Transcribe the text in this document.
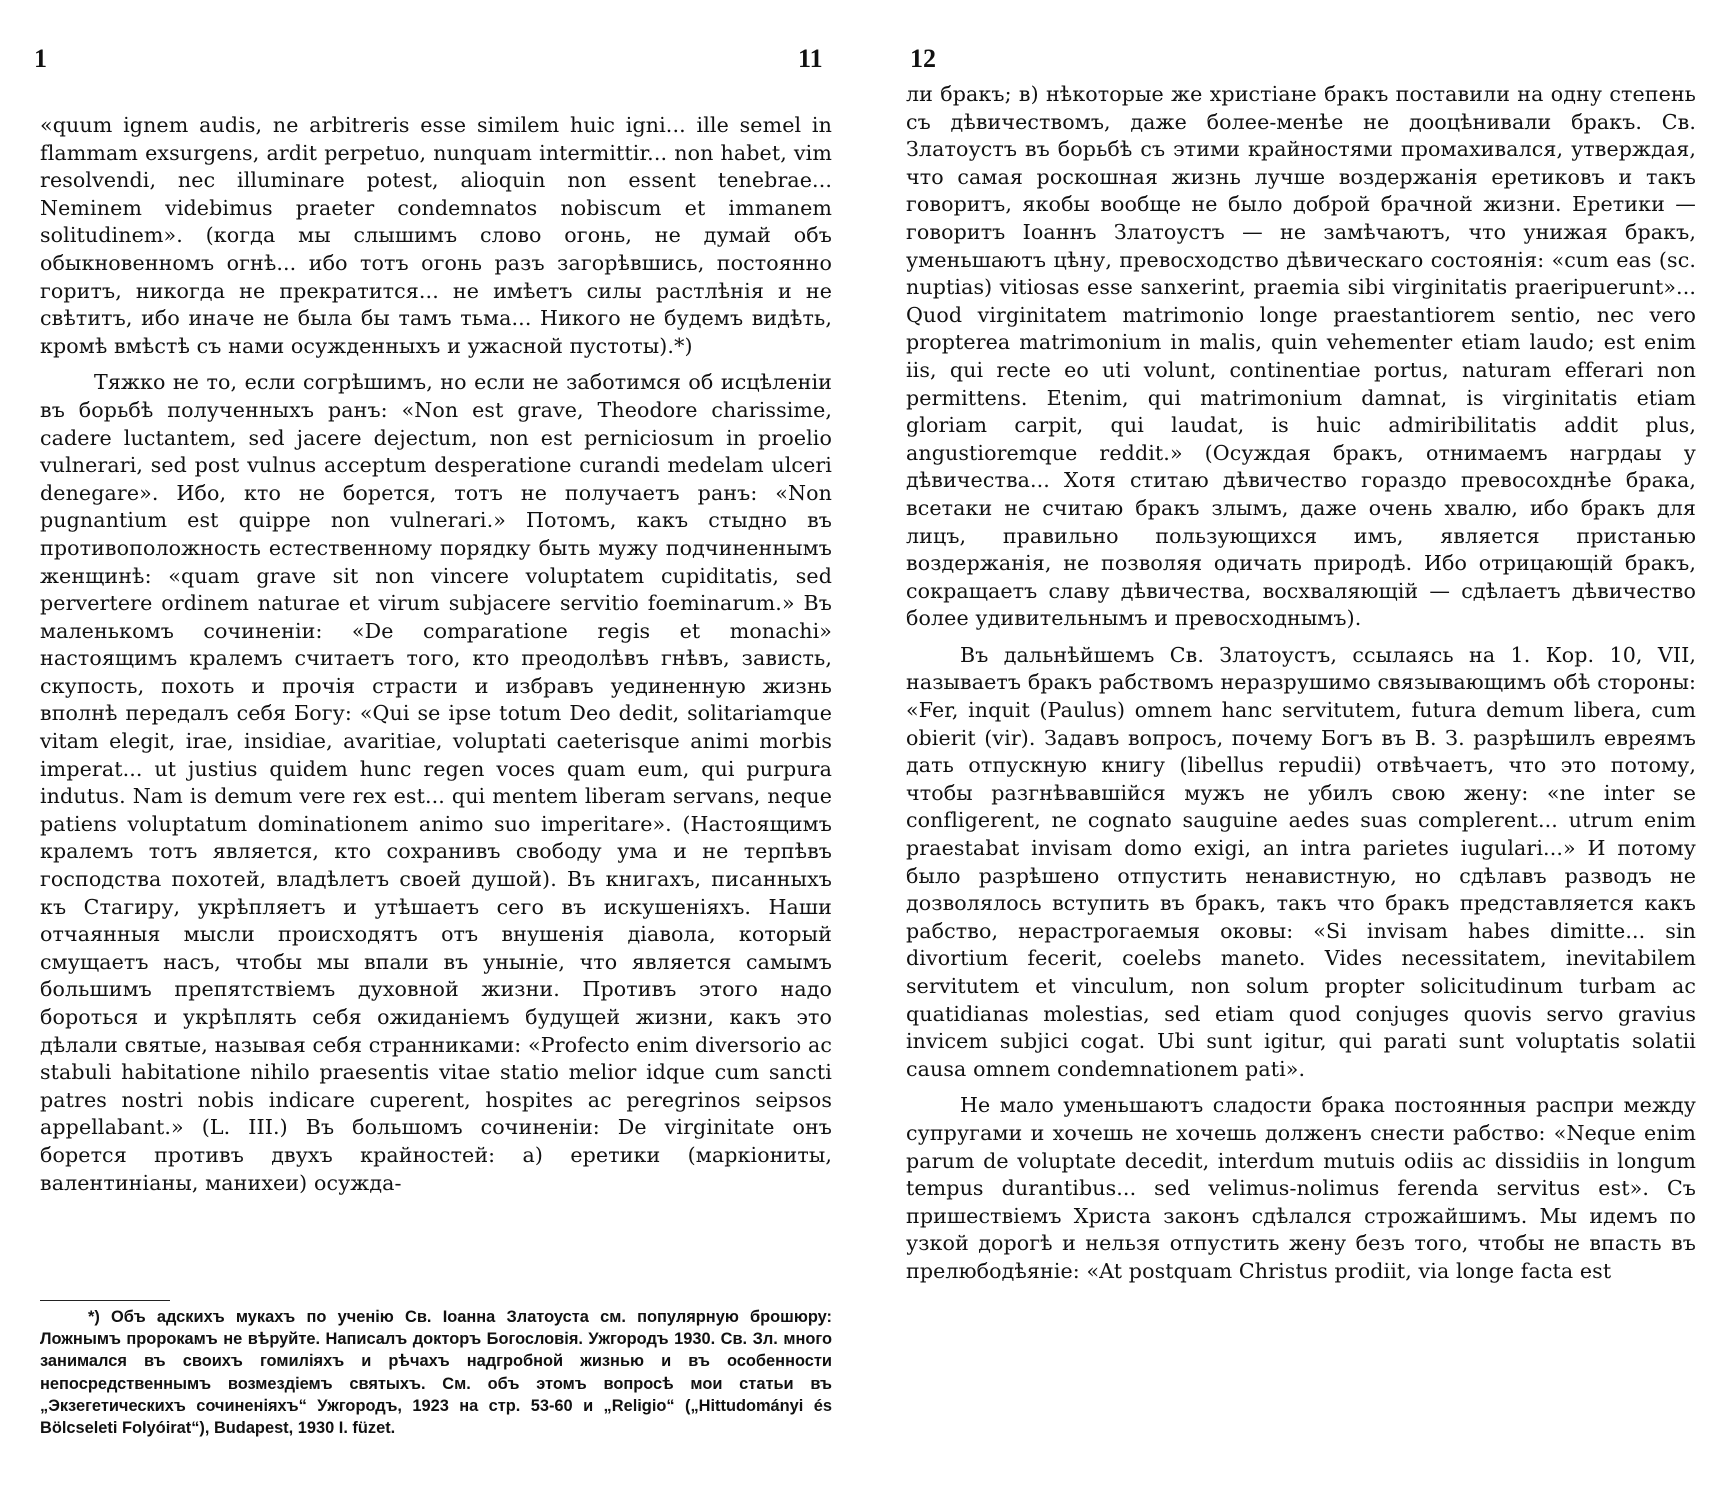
1	11

«quum ignem audis, ne arbitreris esse similem huic igni... ille semel in flammam exsurgens, ardit perpetuo, nunquam intermittir... non habet, vim resolvendi, nec illuminare potest, alioquin non essent tenebrae... Neminem videbimus praeter condemnatos nobiscum et immanem solitudinem». (когда мы слышимъ слово огонь, не думай объ обыкновенномъ огнѣ... ибо тотъ огонь разъ загорѣвшись, постоянно горитъ, никогда не прекратится... не имѣетъ силы растлѣнія и не свѣтитъ, ибо иначе не была бы тамъ тьма... Никого не будемъ видѣть, кромѣ вмѣстѣ съ нами осужденныхъ и ужасной пустоты).*)

Тяжко не то, если согрѣшимъ, но если не заботимся об исцѣленіи въ борьбѣ полученныхъ ранъ: «Non est grave, Theodore charissime, cadere luctantem, sed jacere dejectum, non est perniciosum in proelio vulnerari, sed post vulnus acceptum desperatione curandi medelam ulceri denegare». Ибо, кто не борется, тотъ не получаетъ ранъ: «Non pugnantium est quippe non vulnerari.» Потомъ, какъ стыдно въ противоположность естественному порядку быть мужу подчиненнымъ женщинѣ: «quam grave sit non vincere voluptatem cupiditatis, sed pervertere ordinem naturae et virum subjacere servitio foeminarum.» Въ маленькомъ сочиненіи: «De comparatione regis et monachi» настоящимъ кралемъ считаетъ того, кто преодолѣвъ гнѣвъ, зависть, скупость, похоть и прочія страсти и избравъ уединенную жизнь вполнѣ передалъ себя Богу: «Qui se ipse totum Deo dedit, solitariamque vitam elegit, irae, insidiae, avaritiae, voluptati caeterisque animi morbis imperat... ut justius quidem hunc regen voces quam eum, qui purpura indutus. Nam is demum vere rex est... qui mentem liberam servans, neque patiens voluptatum dominationem animo suo imperitare». (Настоящимъ кралемъ тотъ является, кто сохранивъ свободу ума и не терпѣвъ господства похотей, владѣлетъ своей душой). Въ книгахъ, писанныхъ къ Стагиру, укрѣпляетъ и утѣшаетъ сего въ искушеніяхъ. Наши отчаянныя мысли происходятъ отъ внушенія діавола, который смущаетъ насъ, чтобы мы впали въ уныніе, что является самымъ большимъ препятствіемъ духовной жизни. Противъ этого надо бороться и укрѣплять себя ожиданіемъ будущей жизни, какъ это дѣлали святые, называя себя странниками: «Profecto enim diversorio ac stabuli habitatione nihilo praesentis vitae statio melior idque cum sancti patres nostri nobis indicare cuperent, hospites ac peregrinos seipsos appellabant.» (L. III.) Въ большомъ сочиненіи: De virginitate онъ борется противъ двухъ крайностей: а) еретики (маркіониты, валентиніаны, манихеи) осужда-

*) Объ адскихъ мукахъ по ученію Св. Іоанна Златоуста см. популярную брошюру: Ложнымъ пророкамъ не вѣруйте. Написалъ докторъ Богословія. Ужгородъ 1930. Св. Зл. много занимался въ своихъ гомиліяхъ и рѣчахъ надгробной жизнью и въ особенности непосредственнымъ возмездіемъ святыхъ. См. объ этомъ вопросѣ мои статьи въ „Экзегетическихъ сочиненіяхъ“ Ужгородъ, 1923 на стр. 53-60 и „Religio“ („Hittudományi és Bölcseleti Folyóirat“), Budapest, 1930 I. füzet.
12

ли бракъ; в) нѣкоторые же христіане бракъ поставили на одну степень съ дѣвичествомъ, даже более-менѣе не дооцѣнивали бракъ. Св. Златоустъ въ борьбѣ съ этими крайностями промахивался, утверждая, что самая роскошная жизнь лучше воздержанія еретиковъ и такъ говоритъ, якобы вообще не было доброй брачной жизни. Еретики — говоритъ Іоаннъ Златоустъ — не замѣчаютъ, что унижая бракъ, уменьшаютъ цѣну, превосходство дѣвическаго состоянія: «cum eas (sc. nuptias) vitiosas esse sanxerint, praemia sibi virginitatis praeripuerunt»... Quod virginitatem matrimonio longe praestantiorem sentio, nec vero propterea matrimonium in malis, quin vehementer etiam laudo; est enim iis, qui recte eo uti volunt, continentiae portus, naturam efferari non permittens. Etenim, qui matrimonium damnat, is virginitatis etiam gloriam carpit, qui laudat, is huic admiribilitatis addit plus, angustioremque reddit.» (Осуждая бракъ, отнимаемъ нагрдаы у дѣвичества... Хотя ститаю дѣвичество гораздо превосохднѣе брака, всетаки не считаю бракъ злымъ, даже очень хвалю, ибо бракъ для лицъ, правильно пользующихся имъ, является пристанью воздержанія, не позволяя одичать природѣ. Ибо отрицающій бракъ, сокращаетъ славу дѣвичества, восхваляющій — сдѣлаетъ дѣвичество более удивительнымъ и превосходнымъ).

Въ дальнѣйшемъ Св. Златоустъ, ссылаясь на 1. Кор. 10, VII, называетъ бракъ рабствомъ неразрушимо связывающимъ обѣ стороны: «Fer, inquit (Paulus) omnem hanc servitutem, futura demum libera, cum obierit (vir). Задавъ вопросъ, почему Богъ въ В. З. разрѣшилъ евреямъ дать отпускную книгу (libellus repudii) отвѣчаетъ, что это потому, чтобы разгнѣвавшійся мужъ не убилъ свою жену: «ne inter se confligerent, ne cognato sauguine aedes suas complerent... utrum enim praestabat invisam domo exigi, an intra parietes iugulari...» И потому было разрѣшено отпустить ненавистную, но сдѣлавъ разводъ не дозволялось вступить въ бракъ, такъ что бракъ представляется какъ рабство, нерастрогаемыя оковы: «Si invisam habes dimitte... sin divortium fecerit, coelebs maneto. Vides necessitatem, inevitabilem servitutem et vinculum, non solum propter solicitudinum turbam ac quatidianas molestias, sed etiam quod conjuges quovis servo gravius invicem subjici cogat. Ubi sunt igitur, qui parati sunt voluptatis solatii causa omnem condemnationem pati».

Не мало уменьшаютъ сладости брака постоянныя распри между супругами и хочешь не хочешь долженъ снести рабство: «Neque enim parum de voluptate decedit, interdum mutuis odiis ac dissidiis in longum tempus durantibus... sed velimus-nolimus ferenda servitus est». Съ пришествіемъ Христа законъ сдѣлался строжайшимъ. Мы идемъ по узкой дорогѣ и нельзя отпустить жену безъ того, чтобы не впасть въ прелюбодѣяніе: «At postquam Christus prodiit, via longe facta est
